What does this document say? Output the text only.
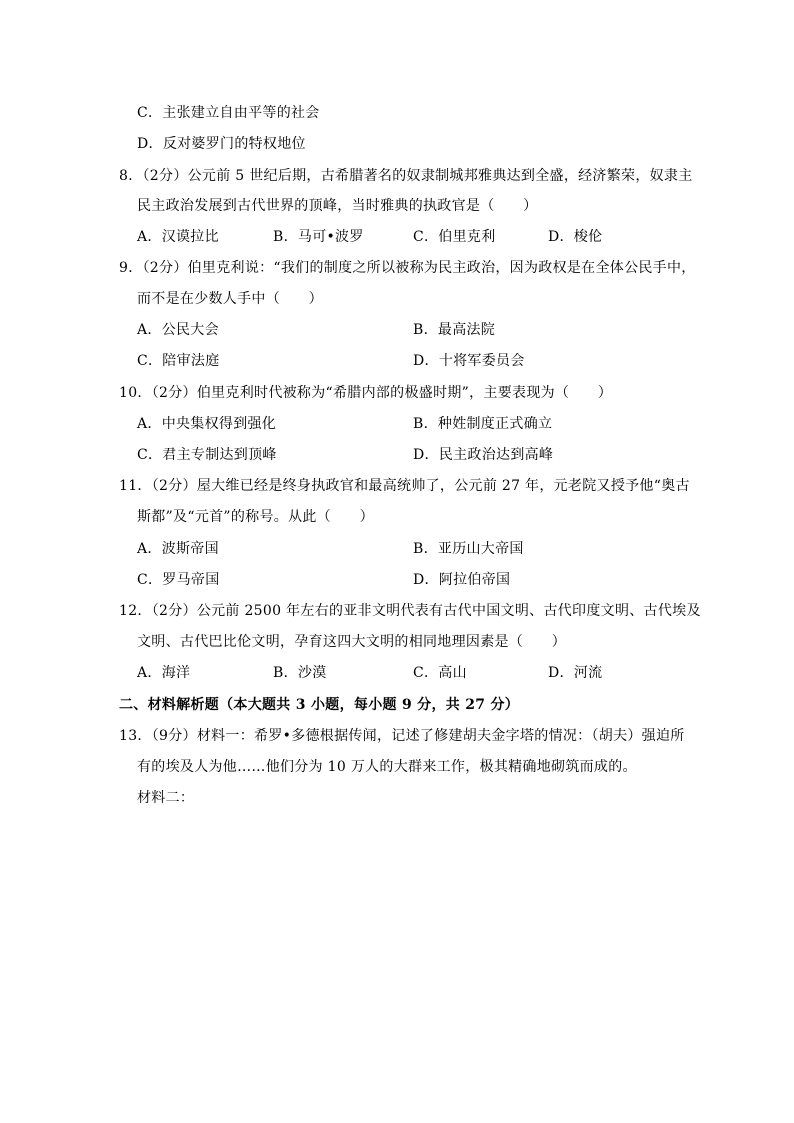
C．主张建立自由平等的社会
D．反对婆罗门的特权地位
8．（2分）公元前 5 世纪后期，古希腊著名的奴隶制城邦雅典达到全盛，经济繁荣，奴隶主
民主政治发展到古代世界的顶峰，当时雅典的执政官是（　　）
A．汉谟拉比	B．马可•波罗	C．伯里克利	D．梭伦
9．（2分）伯里克利说：“我们的制度之所以被称为民主政治，因为政权是在全体公民手中，
而不是在少数人手中（　　）
A．公民大会	B．最高法院
C．陪审法庭	D．十将军委员会
10．（2分）伯里克利时代被称为“希腊内部的极盛时期”，主要表现为（　　）
A．中央集权得到强化	B．种姓制度正式确立
C．君主专制达到顶峰	D．民主政治达到高峰
11．（2分）屋大维已经是终身执政官和最高统帅了，公元前 27 年，元老院又授予他“奥古
斯都”及“元首”的称号。从此（　　）
A．波斯帝国	B．亚历山大帝国
C．罗马帝国	D．阿拉伯帝国
12．（2分）公元前 2500 年左右的亚非文明代表有古代中国文明、古代印度文明、古代埃及
文明、古代巴比伦文明，孕育这四大文明的相同地理因素是（　　）
A．海洋	B．沙漠	C．高山	D．河流
二、材料解析题（本大题共 3 小题，每小题 9 分，共 27 分）
13．（9分）材料一：希罗•多德根据传闻，记述了修建胡夫金字塔的情况：（胡夫）强迫所
有的埃及人为他……他们分为 10 万人的大群来工作，极其精确地砌筑而成的。
材料二：
